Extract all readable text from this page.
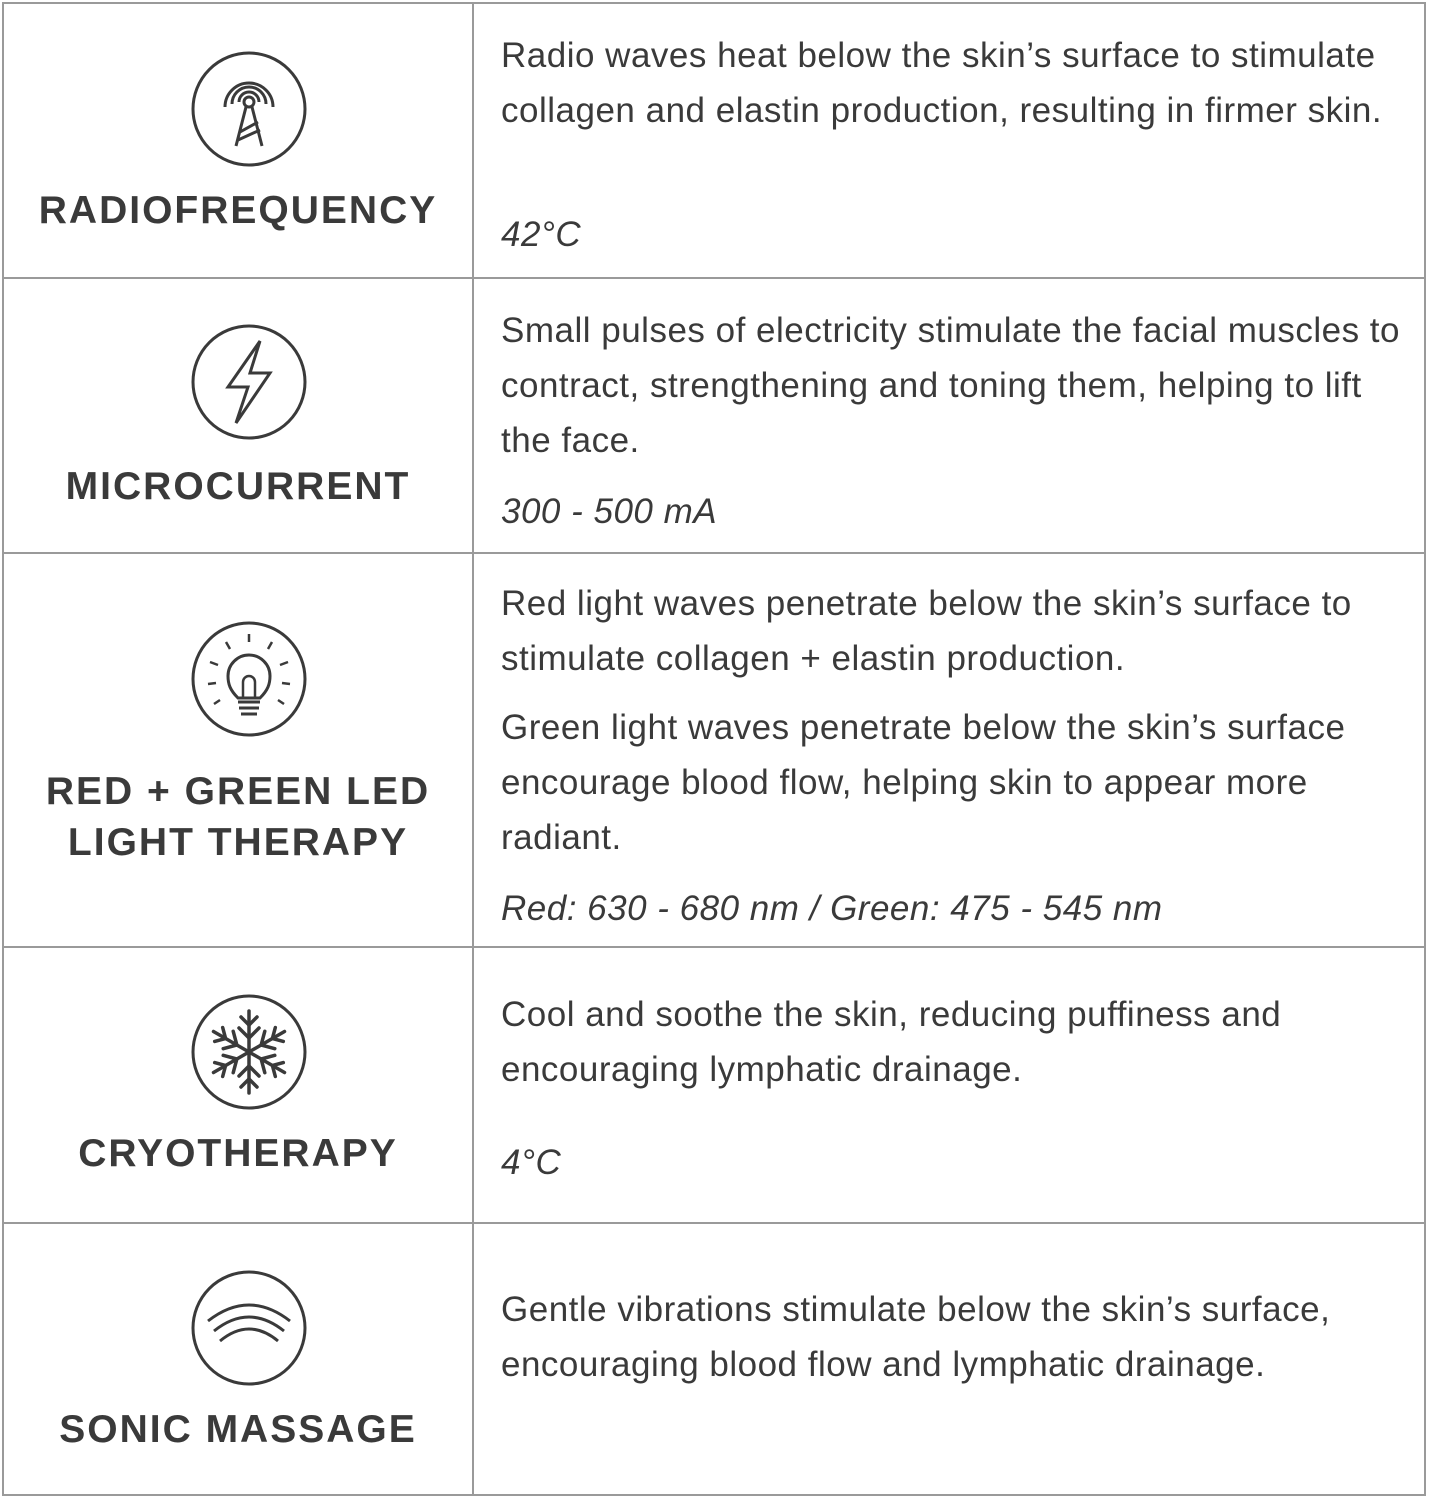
RADIOFREQUENCY

Radio waves heat below the skin’s surface to stimulate collagen and elastin production, resulting in firmer skin.

42°C

MICROCURRENT

Small pulses of electricity stimulate the facial muscles to contract, strengthening and toning them, helping to lift the face.

300 - 500 mA

RED + GREEN LED
LIGHT THERAPY

Red light waves penetrate below the skin’s surface to stimulate collagen + elastin production.

Green light waves penetrate below the skin’s surface encourage blood flow, helping skin to appear more radiant.

Red: 630 - 680 nm / Green: 475 - 545 nm

CRYOTHERAPY

Cool and soothe the skin, reducing puffiness and encouraging lymphatic drainage.

4°C

SONIC MASSAGE

Gentle vibrations stimulate below the skin’s surface, encouraging blood flow and lymphatic drainage.
